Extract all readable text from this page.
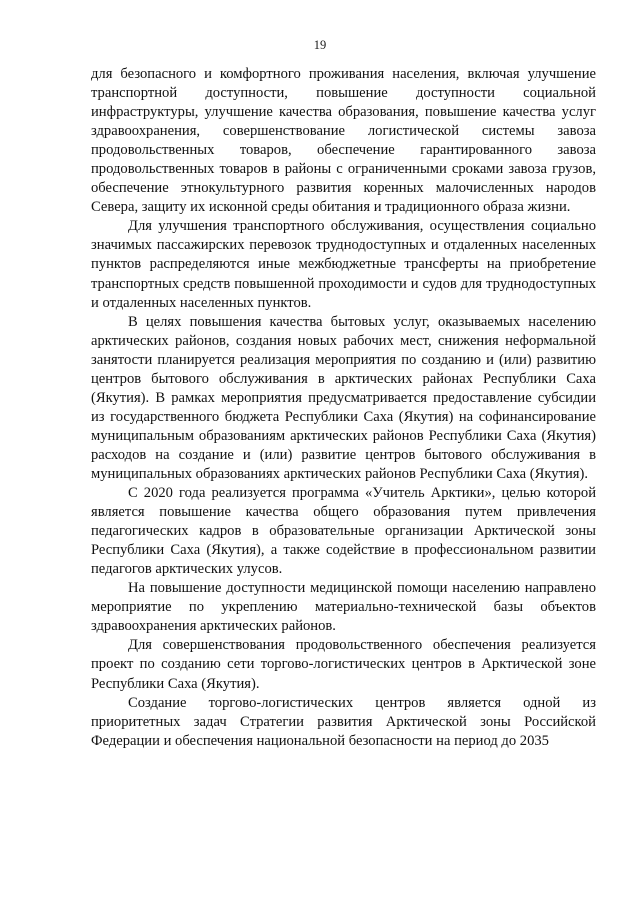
19

для безопасного и комфортного проживания населения, включая улучшение транспортной доступности, повышение доступности социальной инфраструктуры, улучшение качества образования, повышение качества услуг здравоохранения, совершенствование логистической системы завоза продовольственных товаров, обеспечение гарантированного завоза продовольственных товаров в районы с ограниченными сроками завоза грузов, обеспечение этнокультурного развития коренных малочисленных народов Севера, защиту их исконной среды обитания и традиционного образа жизни.

Для улучшения транспортного обслуживания, осуществления социально значимых пассажирских перевозок труднодоступных и отдаленных населенных пунктов распределяются иные межбюджетные трансферты на приобретение транспортных средств повышенной проходимости и судов для труднодоступных и отдаленных населенных пунктов.

В целях повышения качества бытовых услуг, оказываемых населению арктических районов, создания новых рабочих мест, снижения неформальной занятости планируется реализация мероприятия по созданию и (или) развитию центров бытового обслуживания в арктических районах Республики Саха (Якутия). В рамках мероприятия предусматривается предоставление субсидии из государственного бюджета Республики Саха (Якутия) на софинансирование муниципальным образованиям арктических районов Республики Саха (Якутия) расходов на создание и (или) развитие центров бытового обслуживания в муниципальных образованиях арктических районов Республики Саха (Якутия).

С 2020 года реализуется программа «Учитель Арктики», целью которой является повышение качества общего образования путем привлечения педагогических кадров в образовательные организации Арктической зоны Республики Саха (Якутия), а также содействие в профессиональном развитии педагогов арктических улусов.

На повышение доступности медицинской помощи населению направлено мероприятие по укреплению материально-технической базы объектов здравоохранения арктических районов.

Для совершенствования продовольственного обеспечения реализуется проект по созданию сети торгово-логистических центров в Арктической зоне Республики Саха (Якутия).

Создание торгово-логистических центров является одной из приоритетных задач Стратегии развития Арктической зоны Российской Федерации и обеспечения национальной безопасности на период до 2035
